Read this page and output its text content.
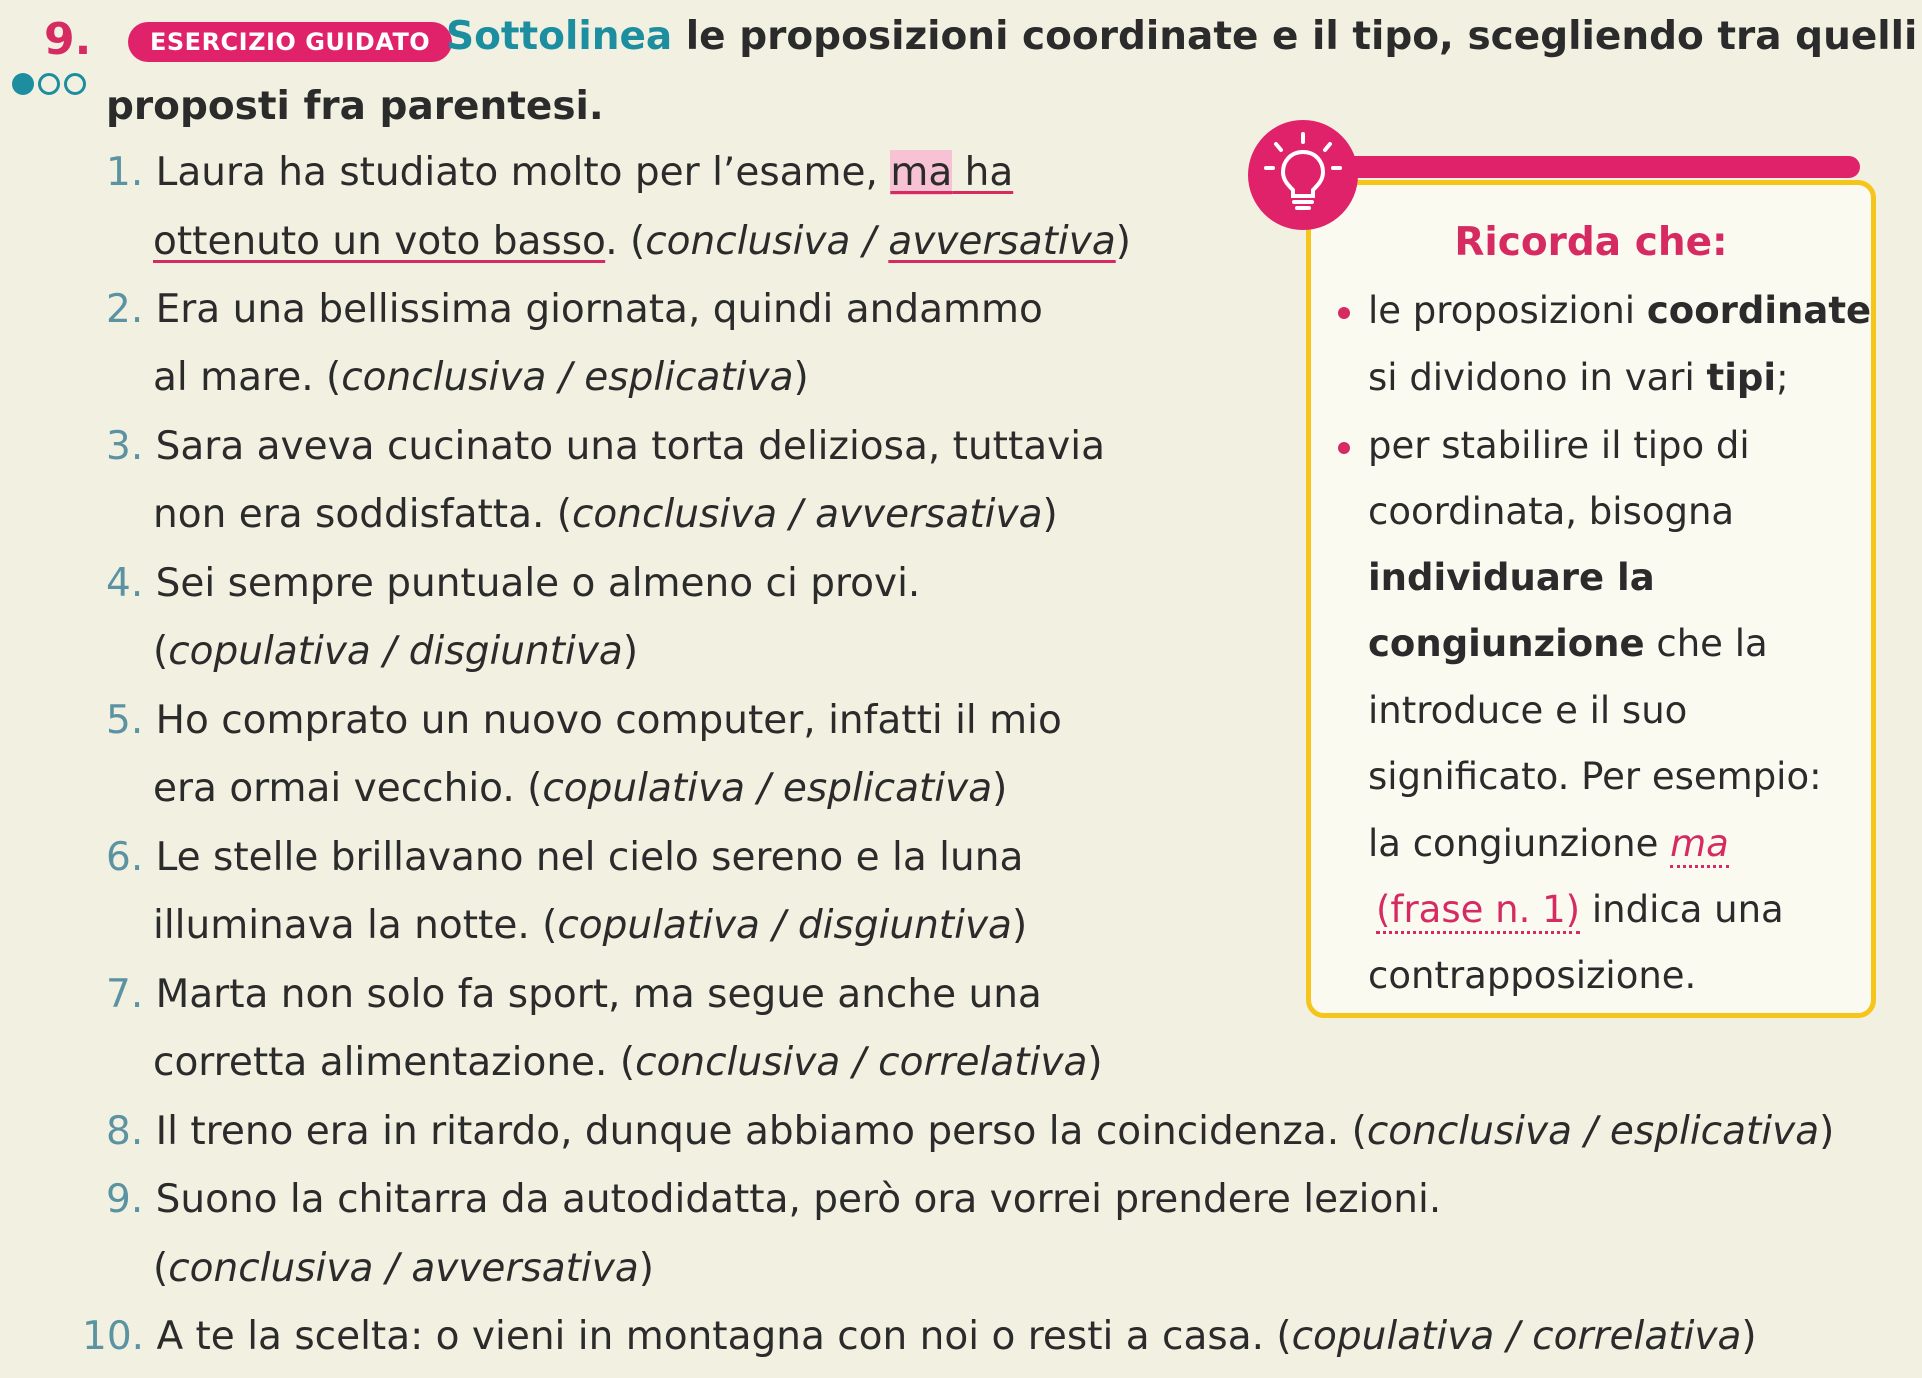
9.	ESERCIZIO GUIDATO Sottolinea le proposizioni coordinate e il tipo, scegliendo tra quelli
proposti fra parentesi.
1. Laura ha studiato molto per l’esame, ma ha
ottenuto un voto basso. (conclusiva / avversativa)
2. Era una bellissima giornata, quindi andammo
al mare. (conclusiva / esplicativa)
3. Sara aveva cucinato una torta deliziosa, tuttavia
non era soddisfatta. (conclusiva / avversativa)
4. Sei sempre puntuale o almeno ci provi.
(copulativa / disgiuntiva)
5. Ho comprato un nuovo computer, infatti il mio
era ormai vecchio. (copulativa / esplicativa)
6. Le stelle brillavano nel cielo sereno e la luna
illuminava la notte. (copulativa / disgiuntiva)
7. Marta non solo fa sport, ma segue anche una
corretta alimentazione. (conclusiva / correlativa)
8. Il treno era in ritardo, dunque abbiamo perso la coincidenza. (conclusiva / esplicativa)
9. Suono la chitarra da autodidatta, però ora vorrei prendere lezioni.
(conclusiva / avversativa)
10. A te la scelta: o vieni in montagna con noi o resti a casa. (copulativa / correlativa)
Ricorda che:
le proposizioni coordinate
si dividono in vari tipi;
per stabilire il tipo di
coordinata, bisogna
individuare la
congiunzione che la
introduce e il suo
significato. Per esempio:
la congiunzione ma
(frase n. 1) indica una
contrapposizione.
